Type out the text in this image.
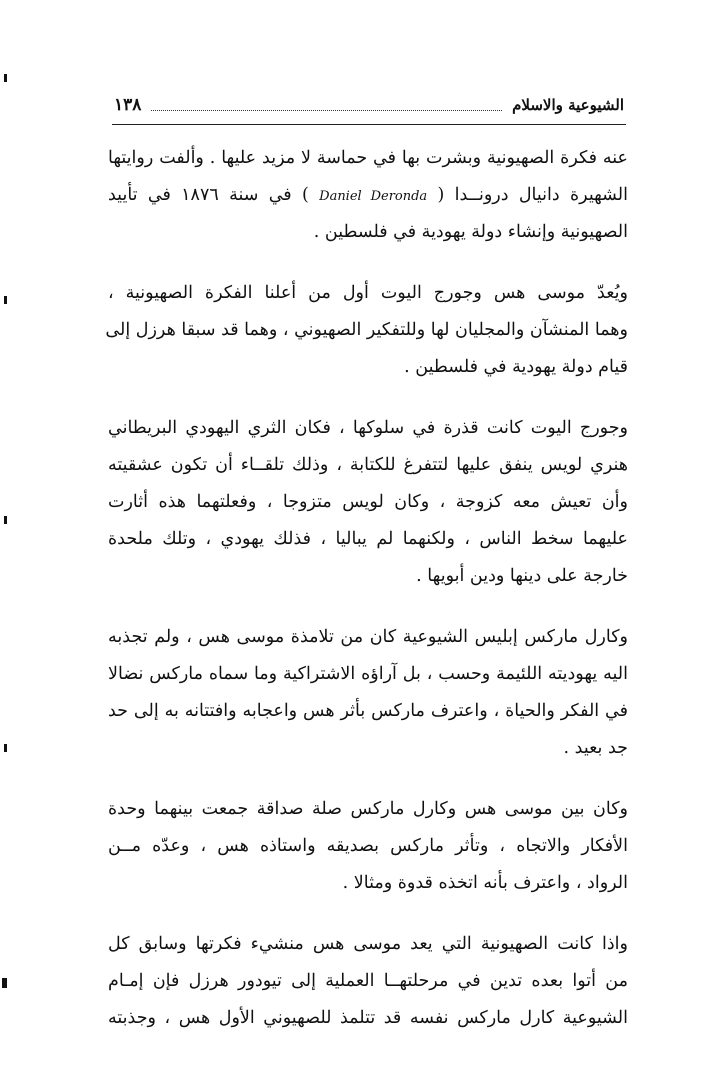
١٣٨	الشيوعية والاسلام

عنه فكرة الصهيونية وبشرت بها في حماسة لا مزيد عليها . وألفت روايتها
الشهيرة دانيال درونــدا ( Daniel Deronda ) في سنة ١٨٧٦ في تأييد
الصهيونية وإنشاء دولة يهودية في فلسطين .

ويُعدّ موسى هس وجورج اليوت أول من أعلنا الفكرة الصهيونية ،
وهما المنشآن والمجليان لها وللتفكير الصهيوني ، وهما قد سبقا هرزل إلى
قيام دولة يهودية في فلسطين .

وجورج اليوت كانت قذرة في سلوكها ، فكان الثري اليهودي البريطاني
هنري لويس ينفق عليها لتتفرغ للكتابة ، وذلك تلقــاء أن تكون عشقيته
وأن تعيش معه كزوجة ، وكان لويس متزوجا ، وفعلتهما هذه أثارت
عليهما سخط الناس ، ولكنهما لم يباليا ، فذلك يهودي ، وتلك ملحدة
خارجة على دينها ودين أبويها .

وكارل ماركس إبليس الشيوعية كان من تلامذة موسى هس ، ولم تجذبه
اليه يهوديته اللئيمة وحسب ، بل آراؤه الاشتراكية وما سماه ماركس نضالا
في الفكر والحياة ، واعترف ماركس بأثر هس واعجابه وافتتانه به إلى حد
جد بعيد .

وكان بين موسى هس وكارل ماركس صلة صداقة جمعت بينهما وحدة
الأفكار والاتجاه ، وتأثر ماركس بصديقه واستاذه هس ، وعدّه مــن
الرواد ، واعترف بأنه اتخذه قدوة ومثالا .

واذا كانت الصهيونية التي يعد موسى هس منشيء فكرتها وسابق كل
من أتوا بعده تدين في مرحلتهــا العملية إلى تيودور هرزل فإن إمـام
الشيوعية كارل ماركس نفسه قد تتلمذ للصهيوني الأول هس ، وجذبته
